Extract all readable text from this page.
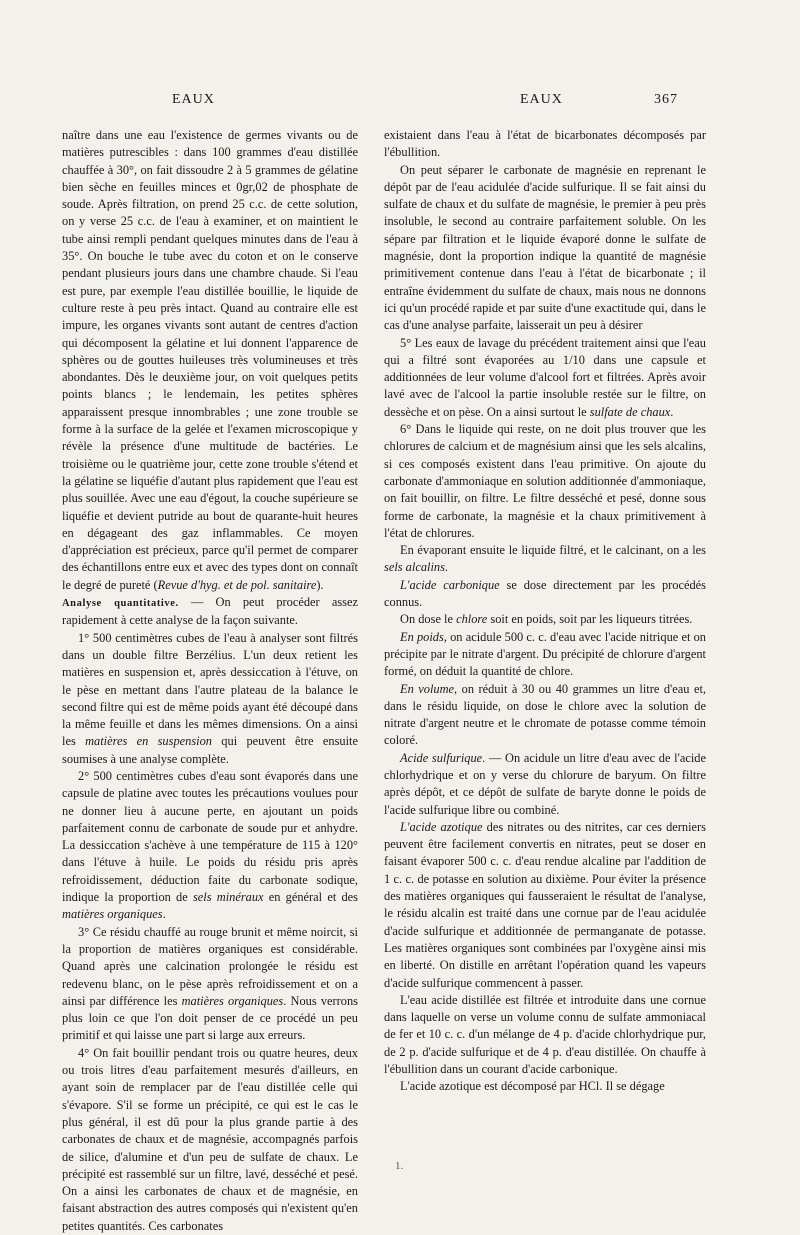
EAUX	EAUX	367

naître dans une eau l'existence de germes vivants ou de matières putrescibles : dans 100 grammes d'eau distillée chauffée à 30°, on fait dissoudre 2 à 5 grammes de gélatine bien sèche en feuilles minces et 0gr,02 de phosphate de soude. Après filtration, on prend 25 c.c. de cette solution, on y verse 25 c.c. de l'eau à examiner, et on maintient le tube ainsi rempli pendant quelques minutes dans de l'eau à 35°. On bouche le tube avec du coton et on le conserve pendant plusieurs jours dans une chambre chaude. Si l'eau est pure, par exemple l'eau distillée bouillie, le liquide de culture reste à peu près intact. Quand au contraire elle est impure, les organes vivants sont autant de centres d'action qui décomposent la gélatine et lui donnent l'apparence de sphères ou de gouttes huileuses très volumineuses et très abondantes. Dès le deuxième jour, on voit quelques petits points blancs ; le lendemain, les petites sphères apparaissent presque innombrables ; une zone trouble se forme à la surface de la gelée et l'examen microscopique y révèle la présence d'une multitude de bactéries. Le troisième ou le quatrième jour, cette zone trouble s'étend et la gélatine se liquéfie d'autant plus rapidement que l'eau est plus souillée. Avec une eau d'égout, la couche supérieure se liquéfie et devient putride au bout de quarante-huit heures en dégageant des gaz inflammables. Ce moyen d'appréciation est précieux, parce qu'il permet de comparer des échantillons entre eux et avec des types dont on connaît le degré de pureté (Revue d'hyg. et de pol. sanitaire).

Analyse quantitative. — On peut procéder assez rapidement à cette analyse de la façon suivante.

1° 500 centimètres cubes de l'eau à analyser sont filtrés dans un double filtre Berzélius. L'un deux retient les matières en suspension et, après dessiccation à l'étuve, on le pèse en mettant dans l'autre plateau de la balance le second filtre qui est de même poids ayant été découpé dans la même feuille et dans les mêmes dimensions. On a ainsi les matières en suspension qui peuvent être ensuite soumises à une analyse complète.

2° 500 centimètres cubes d'eau sont évaporés dans une capsule de platine avec toutes les précautions voulues pour ne donner lieu à aucune perte, en ajoutant un poids parfaitement connu de carbonate de soude pur et anhydre. La dessiccation s'achève à une température de 115 à 120° dans l'étuve à huile. Le poids du résidu pris après refroidissement, déduction faite du carbonate sodique, indique la proportion de sels minéraux en général et des matières organiques.

3° Ce résidu chauffé au rouge brunit et même noircit, si la proportion de matières organiques est considérable. Quand après une calcination prolongée le résidu est redevenu blanc, on le pèse après refroidissement et on a ainsi par différence les matières organiques. Nous verrons plus loin ce que l'on doit penser de ce procédé un peu primitif et qui laisse une part si large aux erreurs.

4° On fait bouillir pendant trois ou quatre heures, deux ou trois litres d'eau parfaitement mesurés d'ailleurs, en ayant soin de remplacer par de l'eau distillée celle qui s'évapore. S'il se forme un précipité, ce qui est le cas le plus général, il est dû pour la plus grande partie à des carbonates de chaux et de magnésie, accompagnés parfois de silice, d'alumine et d'un peu de sulfate de chaux. Le précipité est rassemblé sur un filtre, lavé, desséché et pesé. On a ainsi les carbonates de chaux et de magnésie, en faisant abstraction des autres composés qui n'existent qu'en petites quantités. Ces carbonates

existaient dans l'eau à l'état de bicarbonates décomposés par l'ébullition.

On peut séparer le carbonate de magnésie en reprenant le dépôt par de l'eau acidulée d'acide sulfurique. Il se fait ainsi du sulfate de chaux et du sulfate de magnésie, le premier à peu près insoluble, le second au contraire parfaitement soluble. On les sépare par filtration et le liquide évaporé donne le sulfate de magnésie, dont la proportion indique la quantité de magnésie primitivement contenue dans l'eau à l'état de bicarbonate ; il entraîne évidemment du sulfate de chaux, mais nous ne donnons ici qu'un procédé rapide et par suite d'une exactitude qui, dans le cas d'une analyse parfaite, laisserait un peu à désirer

5° Les eaux de lavage du précédent traitement ainsi que l'eau qui a filtré sont évaporées au 1/10 dans une capsule et additionnées de leur volume d'alcool fort et filtrées. Après avoir lavé avec de l'alcool la partie insoluble restée sur le filtre, on dessèche et on pèse. On a ainsi surtout le sulfate de chaux.

6° Dans le liquide qui reste, on ne doit plus trouver que les chlorures de calcium et de magnésium ainsi que les sels alcalins, si ces composés existent dans l'eau primitive. On ajoute du carbonate d'ammoniaque en solution additionnée d'ammoniaque, on fait bouillir, on filtre. Le filtre desséché et pesé, donne sous forme de carbonate, la magnésie et la chaux primitivement à l'état de chlorures.

En évaporant ensuite le liquide filtré, et le calcinant, on a les sels alcalins.

L'acide carbonique se dose directement par les procédés connus.

On dose le chlore soit en poids, soit par les liqueurs titrées.

En poids, on acidule 500 c. c. d'eau avec l'acide nitrique et on précipite par le nitrate d'argent. Du précipité de chlorure d'argent formé, on déduit la quantité de chlore.

En volume, on réduit à 30 ou 40 grammes un litre d'eau et, dans le résidu liquide, on dose le chlore avec la solution de nitrate d'argent neutre et le chromate de potasse comme témoin coloré.

Acide sulfurique. — On acidule un litre d'eau avec de l'acide chlorhydrique et on y verse du chlorure de baryum. On filtre après dépôt, et ce dépôt de sulfate de baryte donne le poids de l'acide sulfurique libre ou combiné.

L'acide azotique des nitrates ou des nitrites, car ces derniers peuvent être facilement convertis en nitrates, peut se doser en faisant évaporer 500 c. c. d'eau rendue alcaline par l'addition de 1 c. c. de potasse en solution au dixième. Pour éviter la présence des matières organiques qui fausseraient le résultat de l'analyse, le résidu alcalin est traité dans une cornue par de l'eau acidulée d'acide sulfurique et additionnée de permanganate de potasse. Les matières organiques sont combinées par l'oxygène ainsi mis en liberté. On distille en arrêtant l'opération quand les vapeurs d'acide sulfurique commencent à passer.

L'eau acide distillée est filtrée et introduite dans une cornue dans laquelle on verse un volume connu de sulfate ammoniacal de fer et 10 c. c. d'un mélange de 4 p. d'acide chlorhydrique pur, de 2 p. d'acide sulfurique et de 4 p. d'eau distillée. On chauffe à l'ébullition dans un courant d'acide carbonique.

L'acide azotique est décomposé par HCl. Il se dégage

1.
